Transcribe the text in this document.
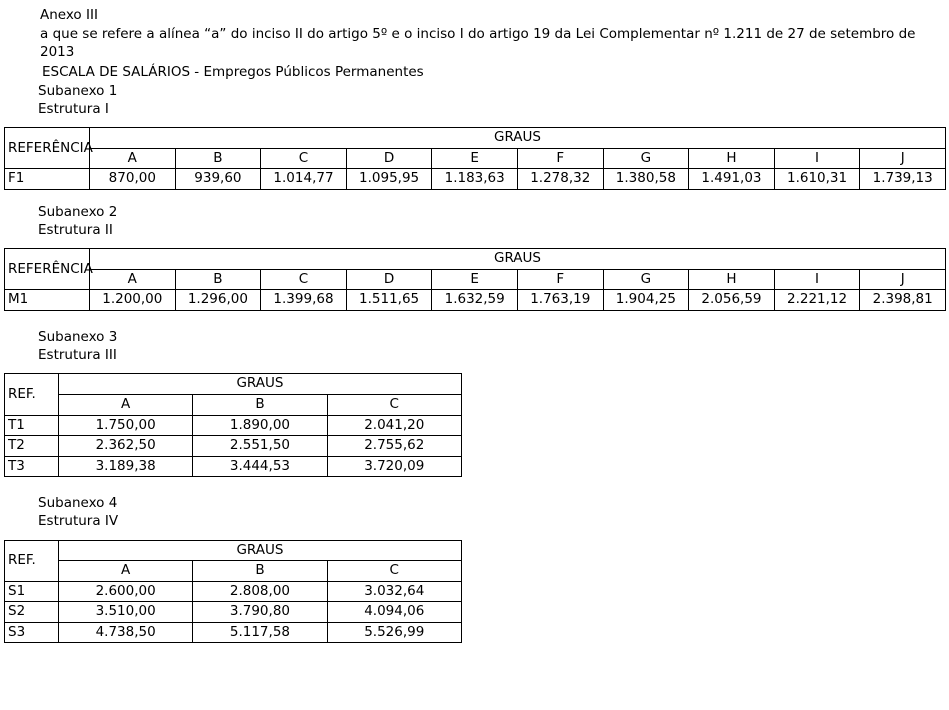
Anexo III
a que se refere a alínea “a” do inciso II do artigo 5º e o inciso I do artigo 19 da Lei Complementar nº 1.211 de 27 de setembro de 2013
ESCALA DE SALÁRIOS - Empregos Públicos Permanentes
Subanexo 1
Estrutura I
REFERÊNCIA	GRAUS									
	A	B	C	D	E	F	G	H	I	J
F1	870,00	939,60	1.014,77	1.095,95	1.183,63	1.278,32	1.380,58	1.491,03	1.610,31	1.739,13
Subanexo 2
Estrutura II
REFERÊNCIA	GRAUS									
	A	B	C	D	E	F	G	H	I	J
M1	1.200,00	1.296,00	1.399,68	1.511,65	1.632,59	1.763,19	1.904,25	2.056,59	2.221,12	2.398,81
Subanexo 3
Estrutura III
REF.	GRAUS		
	A	B	C
T1	1.750,00	1.890,00	2.041,20
T2	2.362,50	2.551,50	2.755,62
T3	3.189,38	3.444,53	3.720,09
Subanexo 4
Estrutura IV
REF.	GRAUS		
	A	B	C
S1	2.600,00	2.808,00	3.032,64
S2	3.510,00	3.790,80	4.094,06
S3	4.738,50	5.117,58	5.526,99
